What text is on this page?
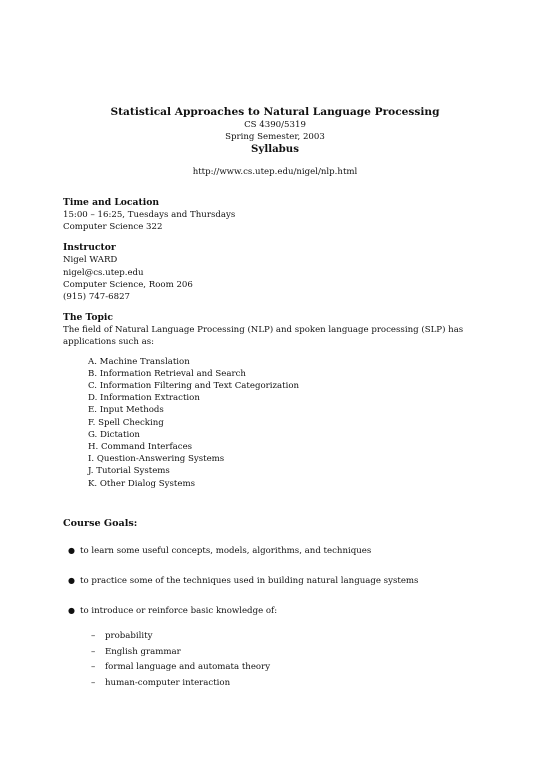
Statistical Approaches to Natural Language Processing
CS 4390/5319
Spring Semester, 2003
Syllabus
http://www.cs.utep.edu/nigel/nlp.html
Time and Location
15:00 – 16:25, Tuesdays and Thursdays
Computer Science 322
Instructor
Nigel WARD
nigel@cs.utep.edu
Computer Science, Room 206
(915) 747-6827
The Topic
The field of Natural Language Processing (NLP) and spoken language processing (SLP) has applications such as:
A. Machine Translation
B. Information Retrieval and Search
C. Information Filtering and Text Categorization
D. Information Extraction
E. Input Methods
F. Spell Checking
G. Dictation
H. Command Interfaces
I. Question-Answering Systems
J. Tutorial Systems
K. Other Dialog Systems
Course Goals:
● to learn some useful concepts, models, algorithms, and techniques
● to practice some of the techniques used in building natural language systems
● to introduce or reinforce basic knowledge of:
– probability
– English grammar
– formal language and automata theory
– human-computer interaction
